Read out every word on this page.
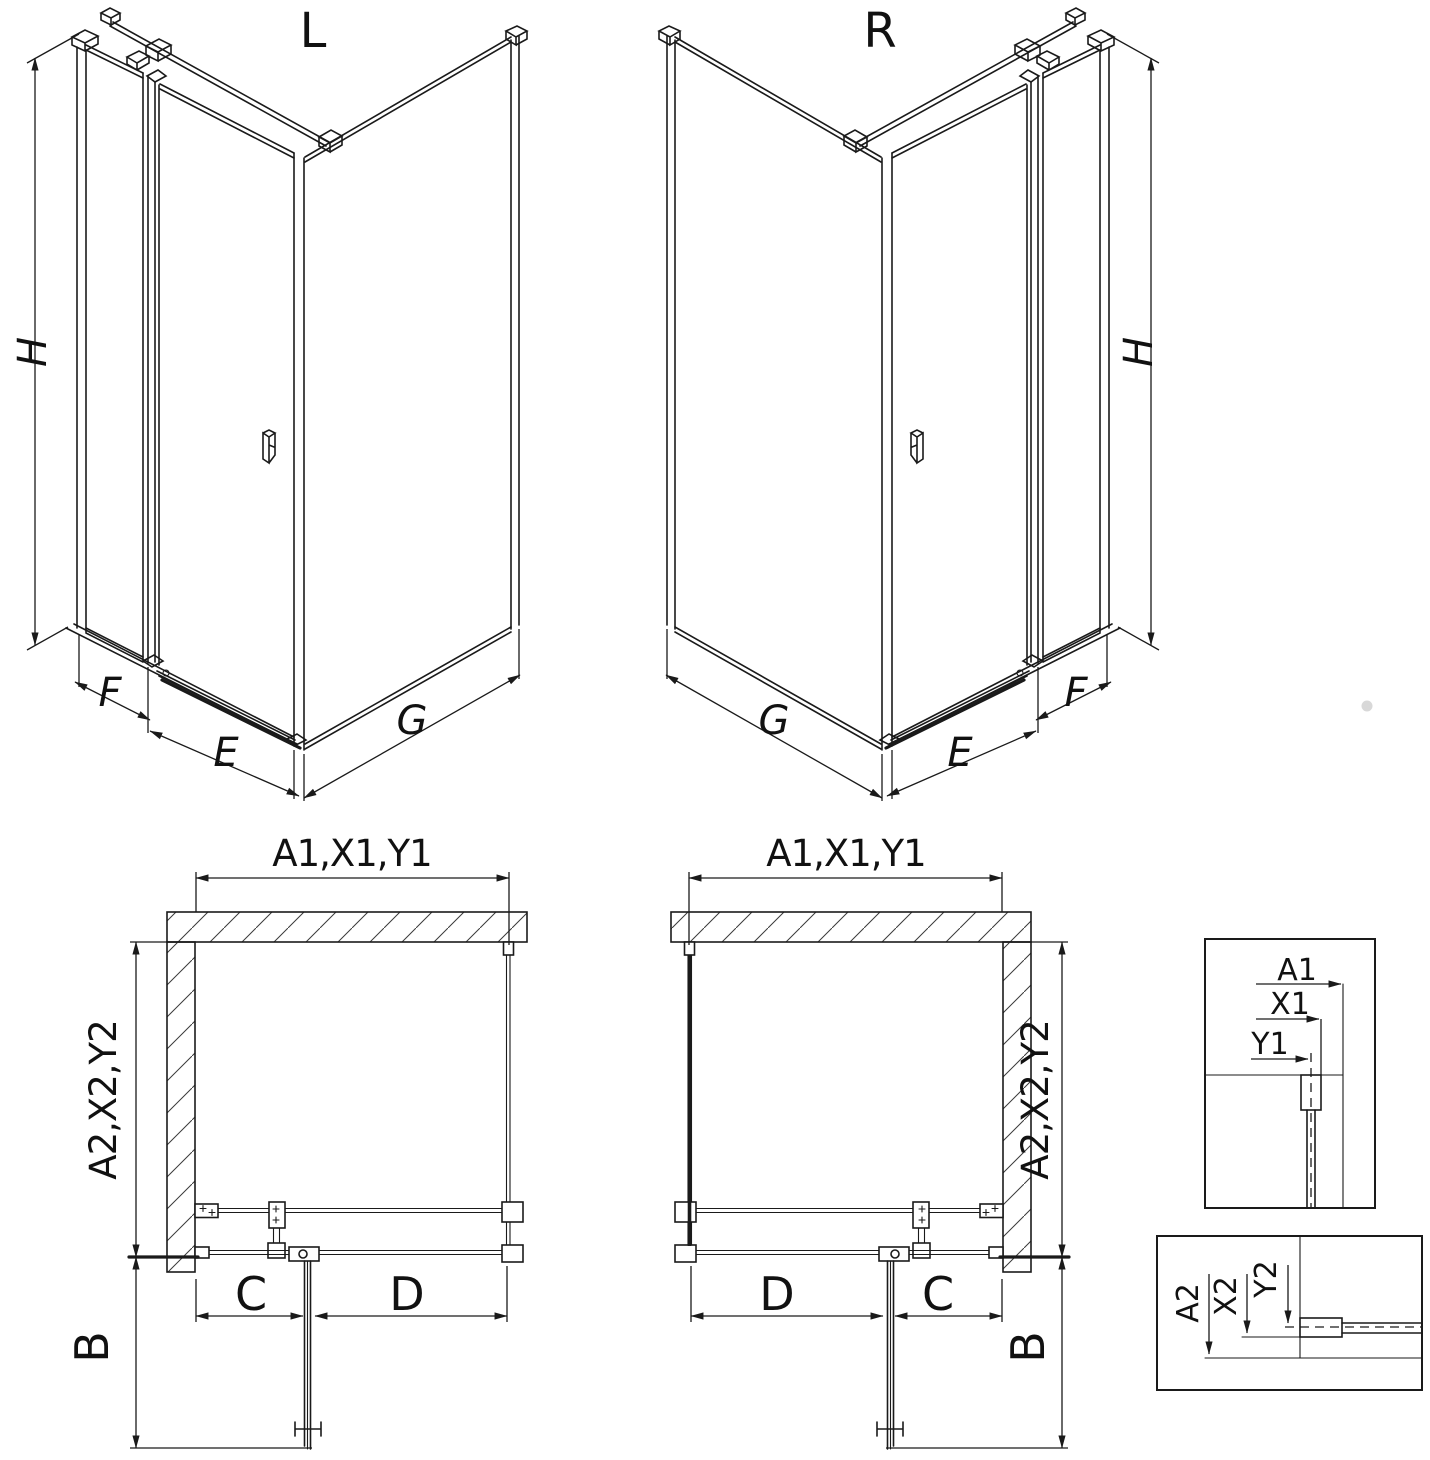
L
H
F
E
G
R
H
F
E
G
A1,X1,Y1
A2,X2,Y2
C	D
B
A1,X1,Y1
A2,X2,Y2
C
D
B
A1
X1
Y1
A2 X2 Y2
